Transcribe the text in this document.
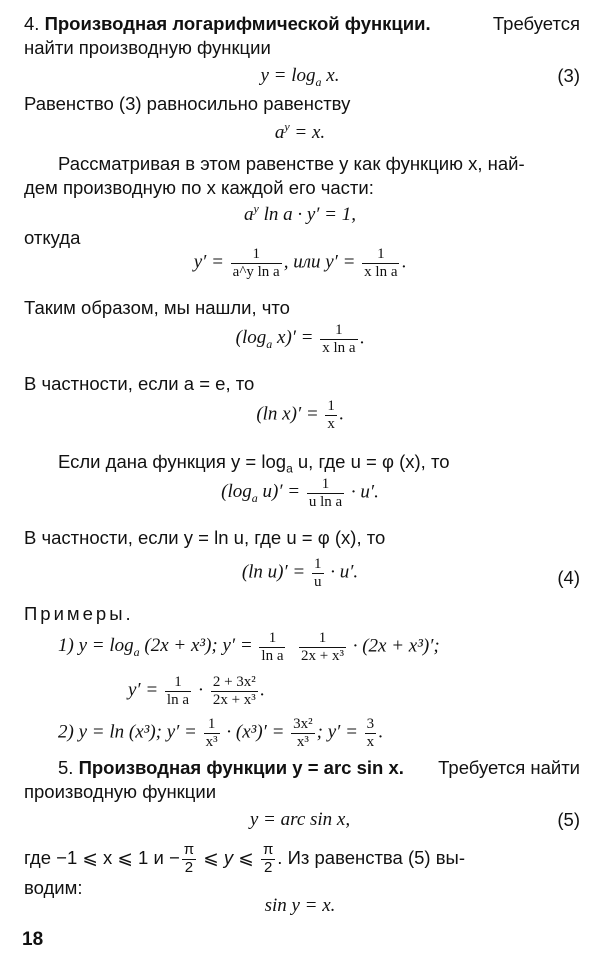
4. Производная логарифмической функции.	Требуется
найти производную функции
$y = \log_a x$.	(3)
Равенство (3) равносильно равенству
$a^y = x$.
Рассматривая в этом равенстве y как функцию x, най-
дем производную по x каждой его части:
$a^y$ ln a · y′ = 1,
откуда
$y' = \frac{1}{\text{a\textasciicircum{}y ln a}}$ , или $y' = \frac{1}{\text{x ln a}}$ .
Таким образом, мы нашли, что
($\log_a$ $x)' = \frac{1}{\text{x ln a}}$ .
В частности, если a = e, то
(ln $x)' = \frac{1}{x}$ .
Если дана функция $y = \log_a u$, где u = φ (x), то
($\log_a$ $u)' = \frac{1}{\text{u ln a}} \cdot u'$.
В частности, если y = ln u, где u = φ (x), то
(ln $u)' = \frac{1}{u} \cdot u'$.	(4)
Примеры.
1) $y = \log_a (2x + x^3)$; $y' = \frac{1}{\text{ln a}}$
$\frac{1}{\text{2x + x³}} \cdot (2x + x^3)'$;
$y' = \frac{1}{\text{ln a}} \cdot \frac{\text{2 + 3x²}}{\text{2x + x³}}$ .
2) y = ln (x³); $y' = \frac{1}{\text{x³}} \cdot (x^3)' = \frac{\text{3x²}}{\text{x³}}$ ; $y' = \frac{3}{x}$ .
5. Производная функции y = arc sin x. Требуется найти
производную функции
y = arc sin x,	(5)
где −1 ⩽ x ⩽ 1 $и - \frac{\pi}{2}$ ⩽ y ⩽ $\frac{\pi}{2}$ . Из равенства (5) вы-
водим:
sin y = x.
18
